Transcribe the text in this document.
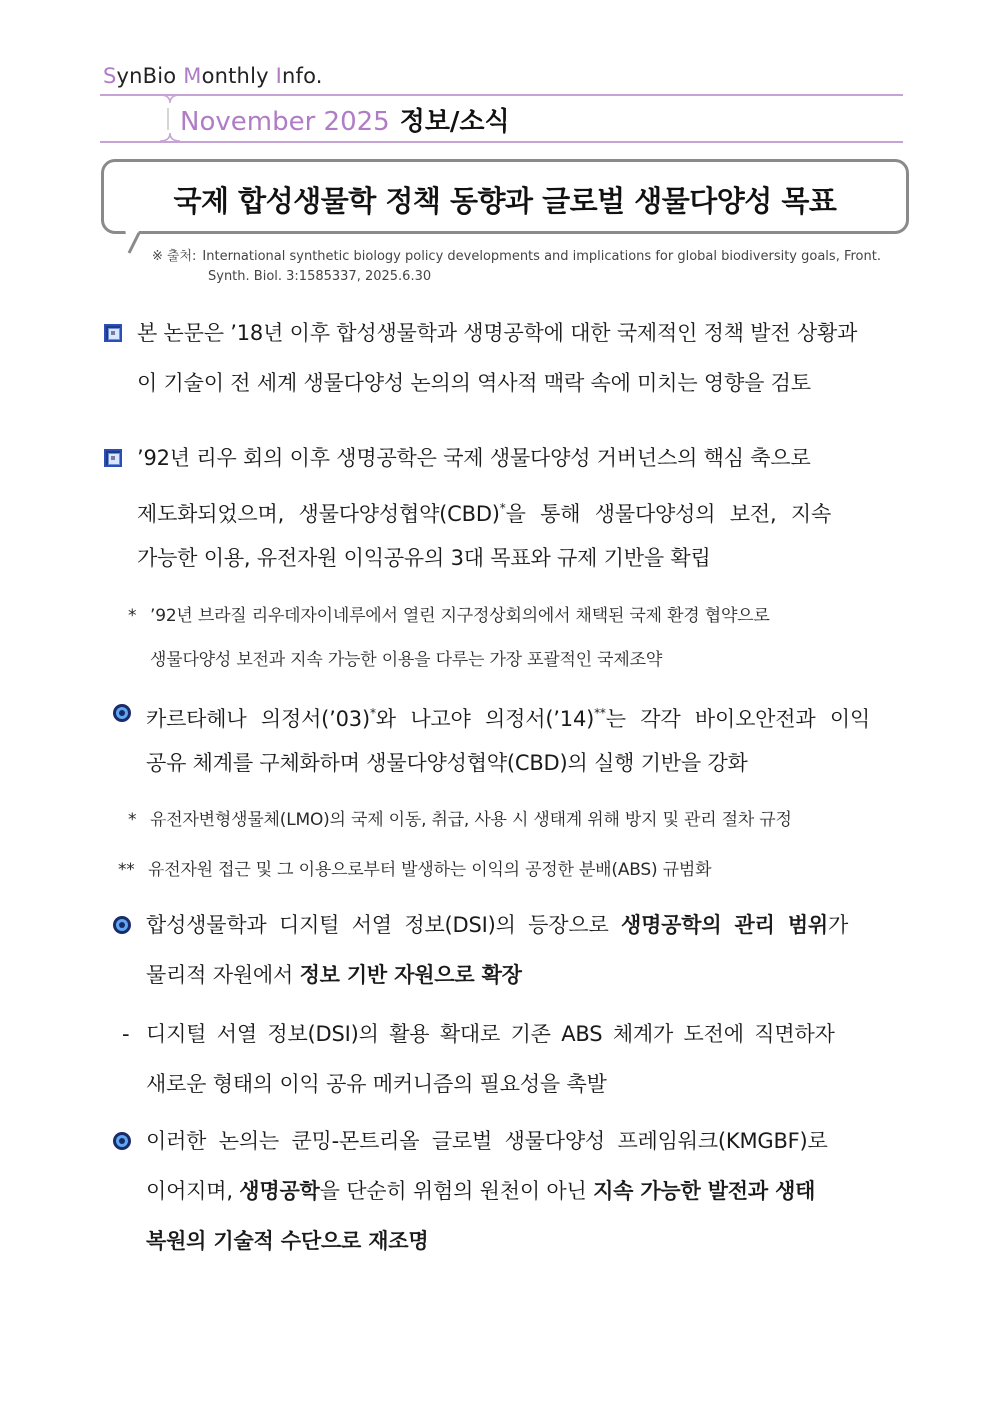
SynBio Monthly Info.
November 2025 정보/소식
국제 합성생물학 정책 동향과 글로벌 생물다양성 목표
※ 출처: International synthetic biology policy developments and implications for global biodiversity goals, Front.
Synth. Biol. 3:1585337, 2025.6.30
본 논문은 ’18년 이후 합성생물학과 생명공학에 대한 국제적인 정책 발전 상황과
이 기술이 전 세계 생물다양성 논의의 역사적 맥락 속에 미치는 영향을 검토
’92년 리우 회의 이후 생명공학은 국제 생물다양성 거버넌스의 핵심 축으로
제도화되었으며, 생물다양성협약(CBD)*을 통해 생물다양성의 보전, 지속
가능한 이용, 유전자원 이익공유의 3대 목표와 규제 기반을 확립
* ’92년 브라질 리우데자이네루에서 열린 지구정상회의에서 채택된 국제 환경 협약으로
생물다양성 보전과 지속 가능한 이용을 다루는 가장 포괄적인 국제조약
카르타헤나 의정서(’03)*와 나고야 의정서(’14)**는 각각 바이오안전과 이익
공유 체계를 구체화하며 생물다양성협약(CBD)의 실행 기반을 강화
* 유전자변형생물체(LMO)의 국제 이동, 취급, 사용 시 생태계 위해 방지 및 관리 절차 규정
** 유전자원 접근 및 그 이용으로부터 발생하는 이익의 공정한 분배(ABS) 규범화
합성생물학과 디지털 서열 정보(DSI)의 등장으로 생명공학의 관리 범위가
물리적 자원에서 정보 기반 자원으로 확장
- 디지털 서열 정보(DSI)의 활용 확대로 기존 ABS 체계가 도전에 직면하자
새로운 형태의 이익 공유 메커니즘의 필요성을 촉발
이러한 논의는 쿤밍-몬트리올 글로벌 생물다양성 프레임워크(KMGBF)로
이어지며, 생명공학을 단순히 위험의 원천이 아닌 지속 가능한 발전과 생태
복원의 기술적 수단으로 재조명
